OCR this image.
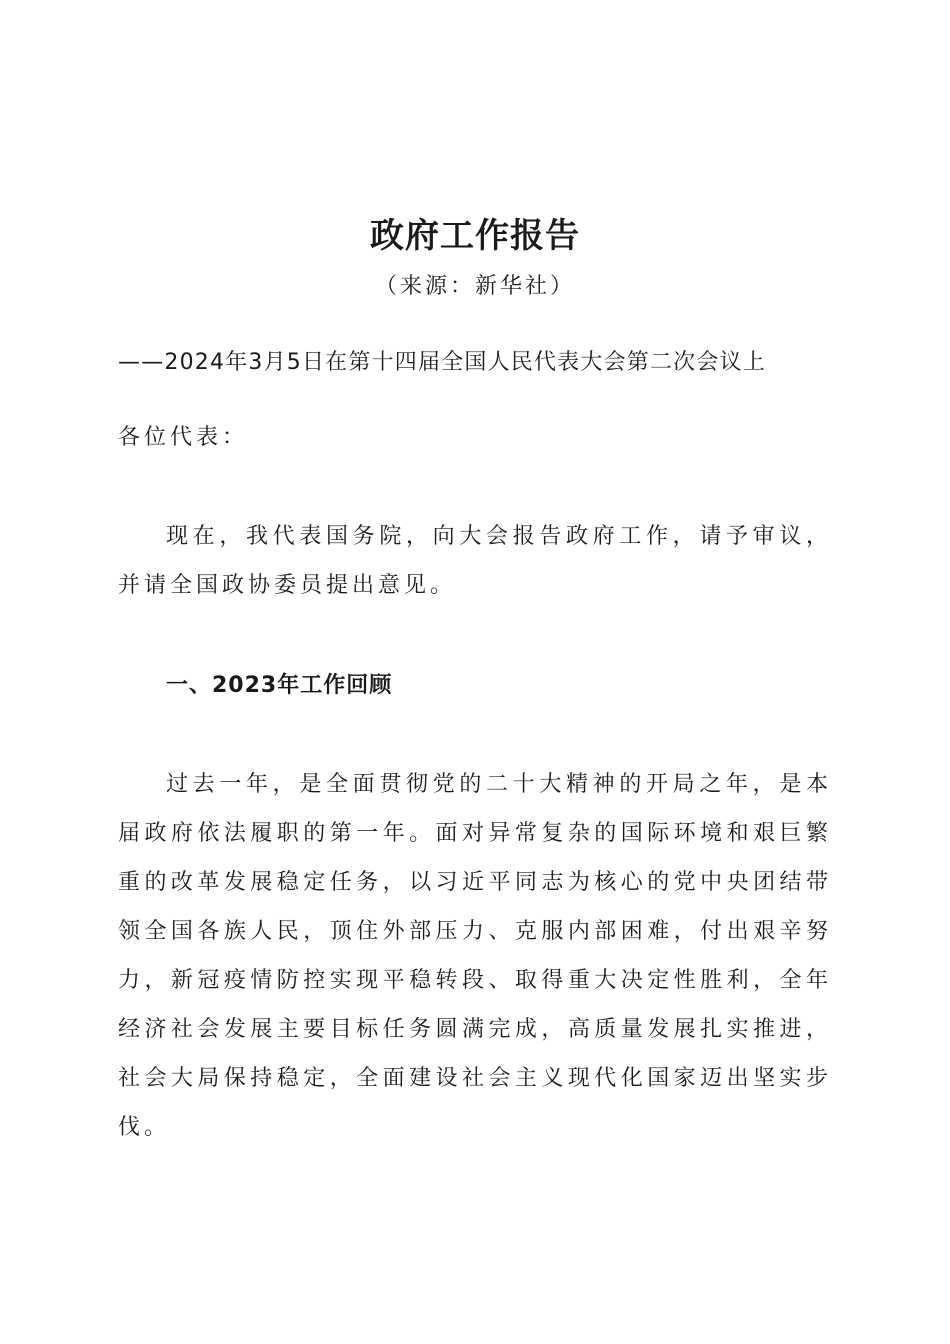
政府工作报告
（来源：新华社）
——2024年3月5日在第十四届全国人民代表大会第二次会议上
各位代表：

现在，我代表国务院，向大会报告政府工作，请予审议，并请全国政协委员提出意见。

一、2023年工作回顾

过去一年，是全面贯彻党的二十大精神的开局之年，是本届政府依法履职的第一年。面对异常复杂的国际环境和艰巨繁重的改革发展稳定任务，以习近平同志为核心的党中央团结带领全国各族人民，顶住外部压力、克服内部困难，付出艰辛努力，新冠疫情防控实现平稳转段、取得重大决定性胜利，全年经济社会发展主要目标任务圆满完成，高质量发展扎实推进，社会大局保持稳定，全面建设社会主义现代化国家迈出坚实步伐。
